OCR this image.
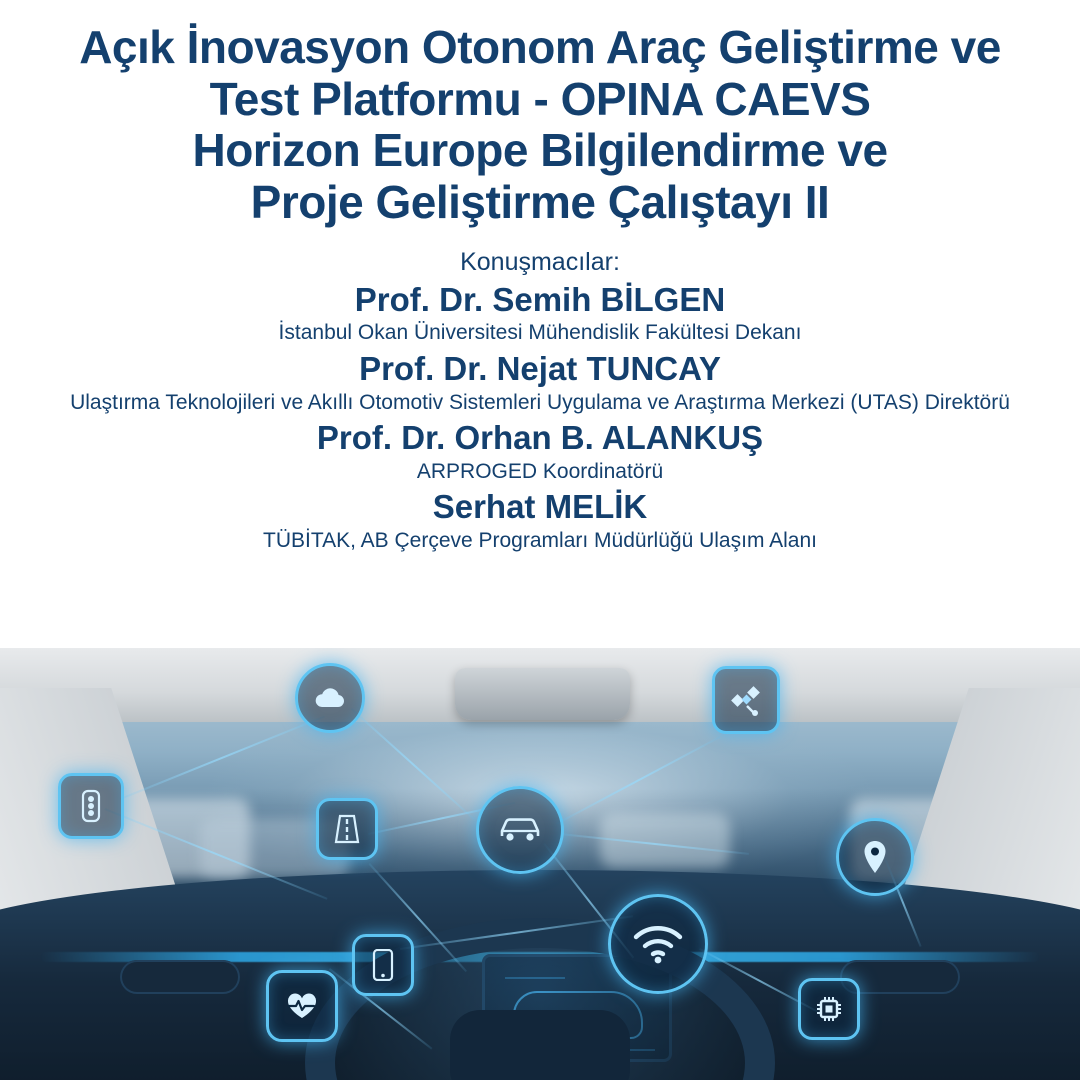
Açık İnovasyon Otonom Araç Geliştirme ve
Test Platformu - OPINA CAEVS
Horizon Europe Bilgilendirme ve
Proje Geliştirme Çalıştayı II
Konuşmacılar:
Prof. Dr. Semih BİLGEN
İstanbul Okan Üniversitesi Mühendislik Fakültesi Dekanı
Prof. Dr. Nejat TUNCAY
Ulaştırma Teknolojileri ve Akıllı Otomotiv Sistemleri Uygulama ve Araştırma Merkezi (UTAS) Direktörü
Prof. Dr. Orhan B. ALANKUŞ
ARPROGED Koordinatörü
Serhat MELİK
TÜBİTAK, AB Çerçeve Programları Müdürlüğü Ulaşım Alanı
